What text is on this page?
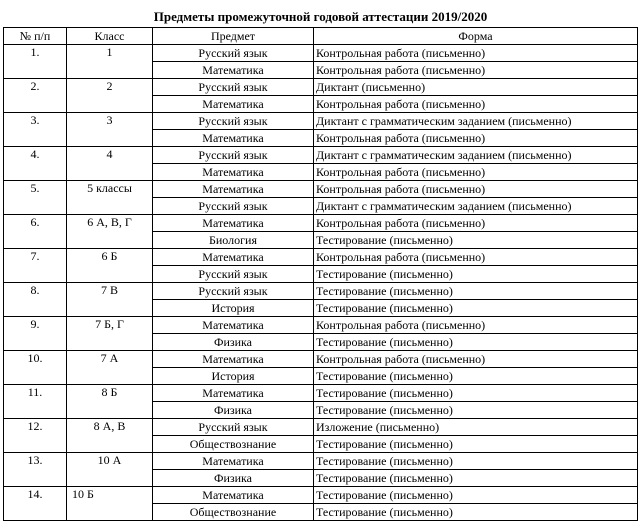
Предметы промежуточной годовой аттестации 2019/2020
№ п/п	Класс	Предмет	Форма
1.	1	Русский язык	Контрольная работа (письменно)
		Математика	Контрольная работа (письменно)
2.	2	Русский язык	Диктант (письменно)
		Математика	Контрольная работа (письменно)
3.	3	Русский язык	Диктант с грамматическим заданием (письменно)
		Математика	Контрольная работа (письменно)
4.	4	Русский язык	Диктант с грамматическим заданием (письменно)
		Математика	Контрольная работа (письменно)
5.	5 классы	Математика	Контрольная работа (письменно)
		Русский язык	Диктант с грамматическим заданием (письменно)
6.	6 А, В, Г	Математика	Контрольная работа (письменно)
		Биология	Тестирование (письменно)
7.	6 Б	Математика	Контрольная работа (письменно)
		Русский язык	Тестирование (письменно)
8.	7 В	Русский язык	Тестирование (письменно)
		История	Тестирование (письменно)
9.	7 Б, Г	Математика	Контрольная работа (письменно)
		Физика	Тестирование (письменно)
10.	7 А	Математика	Контрольная работа (письменно)
		История	Тестирование (письменно)
11.	8 Б	Математика	Тестирование (письменно)
		Физика	Тестирование (письменно)
12.	8 А, В	Русский язык	Изложение (письменно)
		Обществознание	Тестирование (письменно)
13.	10 А	Математика	Тестирование (письменно)
		Физика	Тестирование (письменно)
14.	10 Б	Математика	Тестирование (письменно)
		Обществознание	Тестирование (письменно)
